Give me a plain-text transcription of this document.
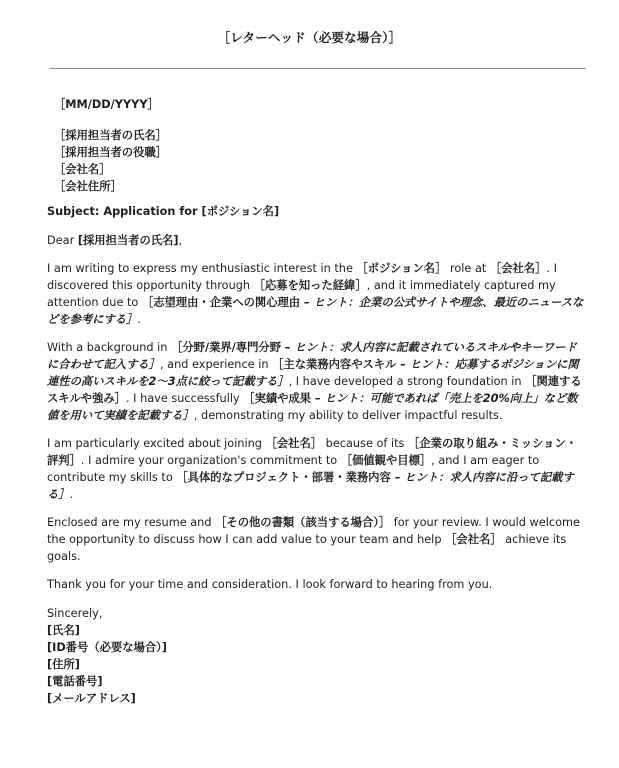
［レターヘッド（必要な場合）］
［MM/DD/YYYY］
［採用担当者の氏名］
［採用担当者の役職］
［会社名］
［会社住所］
Subject: Application for [ポジション名]
Dear [採用担当者の氏名],
I am writing to express my enthusiastic interest in the ［ポジション名］ role at ［会社名］. I discovered this opportunity through ［応募を知った経緯］, and it immediately captured my attention due to ［志望理由・企業への関心理由 – ヒント：企業の公式サイトや理念、最近のニュースなどを参考にする］.
With a background in ［分野/業界/専門分野 – ヒント：求人内容に記載されているスキルやキーワードに合わせて記入する］, and experience in ［主な業務内容やスキル – ヒント：応募するポジションに関連性の高いスキルを2〜3点に絞って記載する］, I have developed a strong foundation in ［関連するスキルや強み］. I have successfully ［実績や成果 – ヒント：可能であれば「売上を20%向上」など数値を用いて実績を記載する］, demonstrating my ability to deliver impactful results.
I am particularly excited about joining ［会社名］ because of its ［企業の取り組み・ミッション・評判］. I admire your organization's commitment to ［価値観や目標］, and I am eager to contribute my skills to ［具体的なプロジェクト・部署・業務内容 – ヒント：求人内容に沿って記載する］.
Enclosed are my resume and ［その他の書類（該当する場合）］ for your review. I would welcome the opportunity to discuss how I can add value to your team and help ［会社名］ achieve its goals.
Thank you for your time and consideration. I look forward to hearing from you.
Sincerely,
[氏名]
[ID番号（必要な場合）]
[住所]
[電話番号]
[メールアドレス]
